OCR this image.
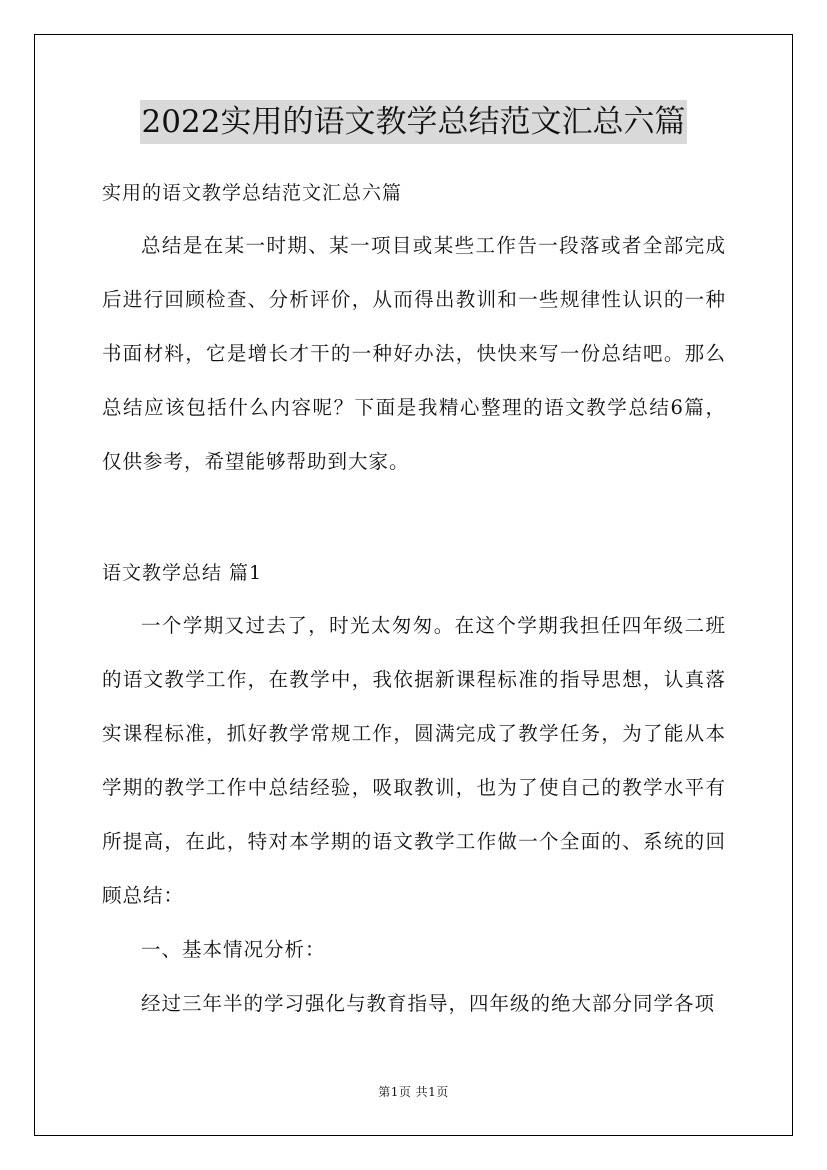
2022实用的语文教学总结范文汇总六篇
实用的语文教学总结范文汇总六篇

总结是在某一时期、某一项目或某些工作告一段落或者全部完成后进行回顾检查、分析评价，从而得出教训和一些规律性认识的一种书面材料，它是增长才干的一种好办法，快快来写一份总结吧。那么总结应该包括什么内容呢？下面是我精心整理的语文教学总结6篇，仅供参考，希望能够帮助到大家。

语文教学总结 篇1

一个学期又过去了，时光太匆匆。在这个学期我担任四年级二班的语文教学工作，在教学中，我依据新课程标准的指导思想，认真落实课程标准，抓好教学常规工作，圆满完成了教学任务，为了能从本学期的教学工作中总结经验，吸取教训，也为了使自己的教学水平有所提高，在此，特对本学期的语文教学工作做一个全面的、系统的回顾总结：

一、基本情况分析：

经过三年半的学习强化与教育指导，四年级的绝大部分同学各项

第1页 共1页
